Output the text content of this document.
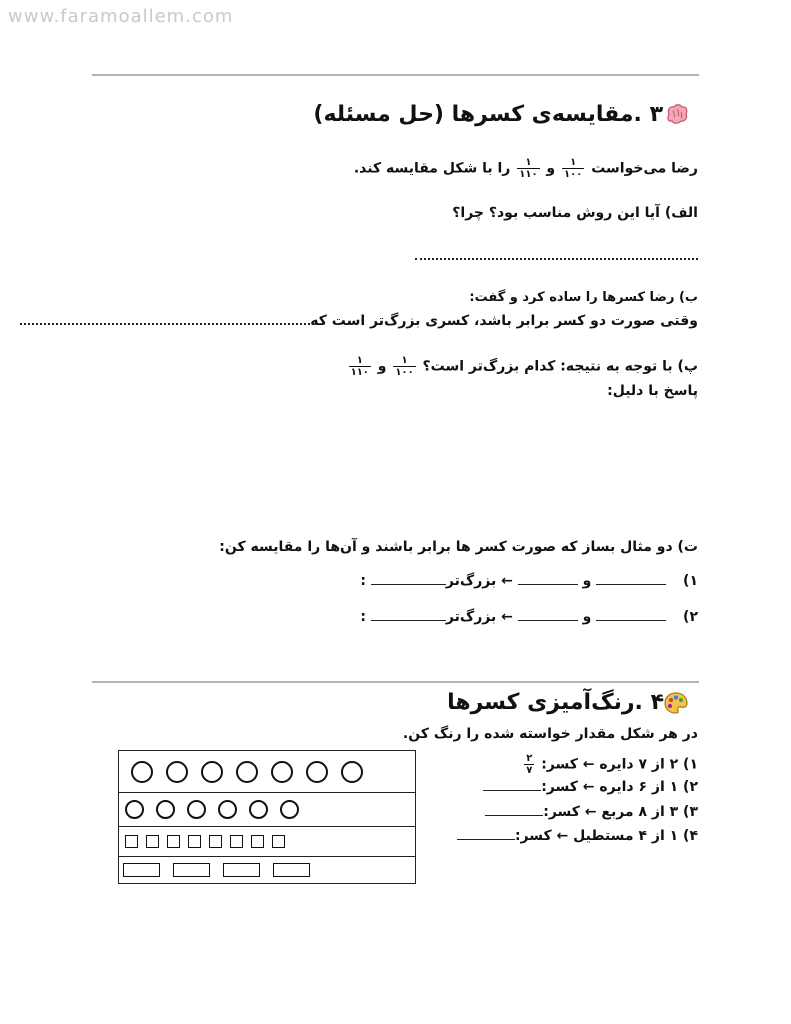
www.faramoallem.com
۳ .مقایسه‌ی کسرها (حل مسئله)
رضا می‌خواست
$\frac{۱}{۱۰۰}$
و
$\frac{۱}{۱۱۰}$
را با شکل مقایسه کند.
الف) آیا این روش مناسب بود؟ چرا؟
ب) رضا کسرها را ساده کرد و گفت:
وقتی صورت دو کسر برابر باشد، کسری بزرگ‌تر است که
پ) با توجه به نتیجه: کدام بزرگ‌تر است؟
$\frac{۱}{۱۰۰}$
و
$\frac{۱}{۱۱۰}$
پاسخ با دلیل:
ت) دو مثال بساز که صورت کسر ها برابر باشند و آن‌ها را مقایسه کن:
۱)  و  ← بزرگ‌تر :
۲)  و  ← بزرگ‌تر :
۴ .رنگ‌آمیزی کسرها
در هر شکل مقدار خواسته شده را رنگ کن.
۱) ۲ از ۷ دایره ← کسر:
$\frac{۲}{۷}$
۲) ۱ از ۶ دایره ← کسر:
۳) ۳ از ۸ مربع ← کسر:
۴) ۱ از ۴ مستطیل ← کسر:
